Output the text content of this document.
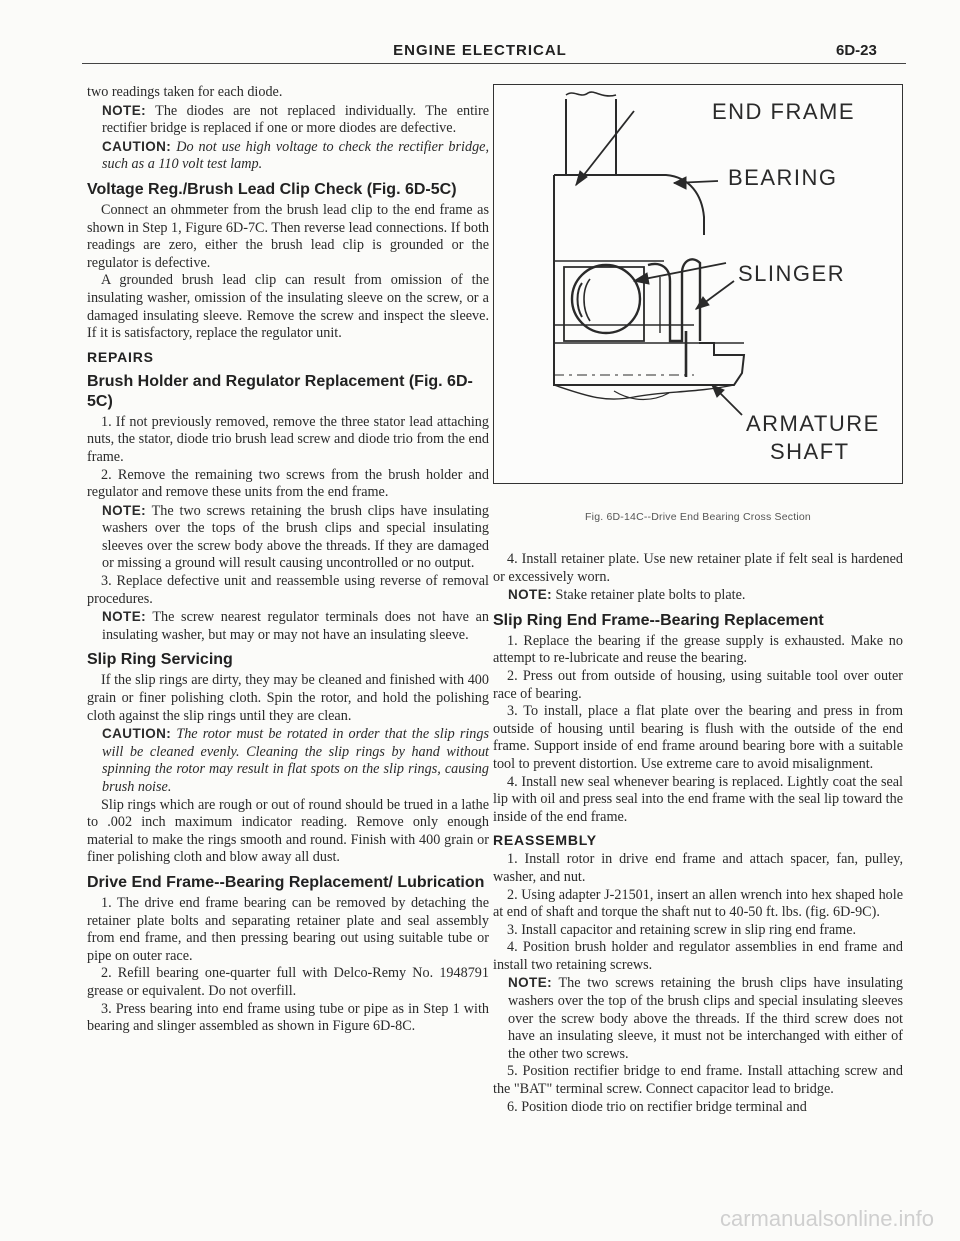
ENGINE ELECTRICAL	6D-23

two readings taken for each diode.

NOTE: The diodes are not replaced individually. The entire rectifier bridge is replaced if one or more diodes are defective.

CAUTION: Do not use high voltage to check the rectifier bridge, such as a 110 volt test lamp.

Voltage Reg./Brush Lead Clip Check (Fig. 6D-5C)

Connect an ohmmeter from the brush lead clip to the end frame as shown in Step 1, Figure 6D-7C. Then reverse lead connections. If both readings are zero, either the brush lead clip is grounded or the regulator is defective.

A grounded brush lead clip can result from omission of the insulating washer, omission of the insulating sleeve on the screw, or a damaged insulating sleeve. Remove the screw and inspect the sleeve. If it is satisfactory, replace the regulator unit.

REPAIRS
Brush Holder and Regulator Replacement (Fig. 6D-5C)

1. If not previously removed, remove the three stator lead attaching nuts, the stator, diode trio brush lead screw and diode trio from the end frame.

2. Remove the remaining two screws from the brush holder and regulator and remove these units from the end frame.

NOTE: The two screws retaining the brush clips have insulating washers over the tops of the brush clips and special insulating sleeves over the screw body above the threads. If they are damaged or missing a ground will result causing uncontrolled or no output.

3. Replace defective unit and reassemble using reverse of removal procedures.

NOTE: The screw nearest regulator terminals does not have an insulating washer, but may or may not have an insulating sleeve.

Slip Ring Servicing

If the slip rings are dirty, they may be cleaned and finished with 400 grain or finer polishing cloth. Spin the rotor, and hold the polishing cloth against the slip rings until they are clean.

CAUTION: The rotor must be rotated in order that the slip rings will be cleaned evenly. Cleaning the slip rings by hand without spinning the rotor may result in flat spots on the slip rings, causing brush noise.

Slip rings which are rough or out of round should be trued in a lathe to .002 inch maximum indicator reading. Remove only enough material to make the rings smooth and round. Finish with 400 grain or finer polishing cloth and blow away all dust.

Drive End Frame--Bearing Replacement/ Lubrication

1. The drive end frame bearing can be removed by detaching the retainer plate bolts and separating retainer plate and seal assembly from end frame, and then pressing bearing out using suitable tube or pipe on outer race.

2. Refill bearing one-quarter full with Delco-Remy No. 1948791 grease or equivalent. Do not overfill.

3. Press bearing into end frame using tube or pipe as in Step 1 with bearing and slinger assembled as shown in Figure 6D-8C.

END FRAME
BEARING
SLINGER
ARMATURE
SHAFT
Fig. 6D-14C--Drive End Bearing Cross Section

4. Install retainer plate. Use new retainer plate if felt seal is hardened or excessively worn.

NOTE: Stake retainer plate bolts to plate.

Slip Ring End Frame--Bearing Replacement

1. Replace the bearing if the grease supply is exhausted. Make no attempt to re-lubricate and reuse the bearing.

2. Press out from outside of housing, using suitable tool over outer race of bearing.

3. To install, place a flat plate over the bearing and press in from outside of housing until bearing is flush with the outside of the end frame. Support inside of end frame around bearing bore with a suitable tool to prevent distortion. Use extreme care to avoid misalignment.

4. Install new seal whenever bearing is replaced. Lightly coat the seal lip with oil and press seal into the end frame with the seal lip toward the inside of the end frame.

REASSEMBLY

1. Install rotor in drive end frame and attach spacer, fan, pulley, washer, and nut.

2. Using adapter J-21501, insert an allen wrench into hex shaped hole at end of shaft and torque the shaft nut to 40-50 ft. lbs. (fig. 6D-9C).

3. Install capacitor and retaining screw in slip ring end frame.

4. Position brush holder and regulator assemblies in end frame and install two retaining screws.

NOTE: The two screws retaining the brush clips have insulating washers over the top of the brush clips and special insulating sleeves over the screw body above the threads. If the third screw does not have an insulating sleeve, it must not be interchanged with either of the other two screws.

5. Position rectifier bridge to end frame. Install attaching screw and the "BAT" terminal screw. Connect capacitor lead to bridge.

6. Position diode trio on rectifier bridge terminal and

carmanualsonline.info
